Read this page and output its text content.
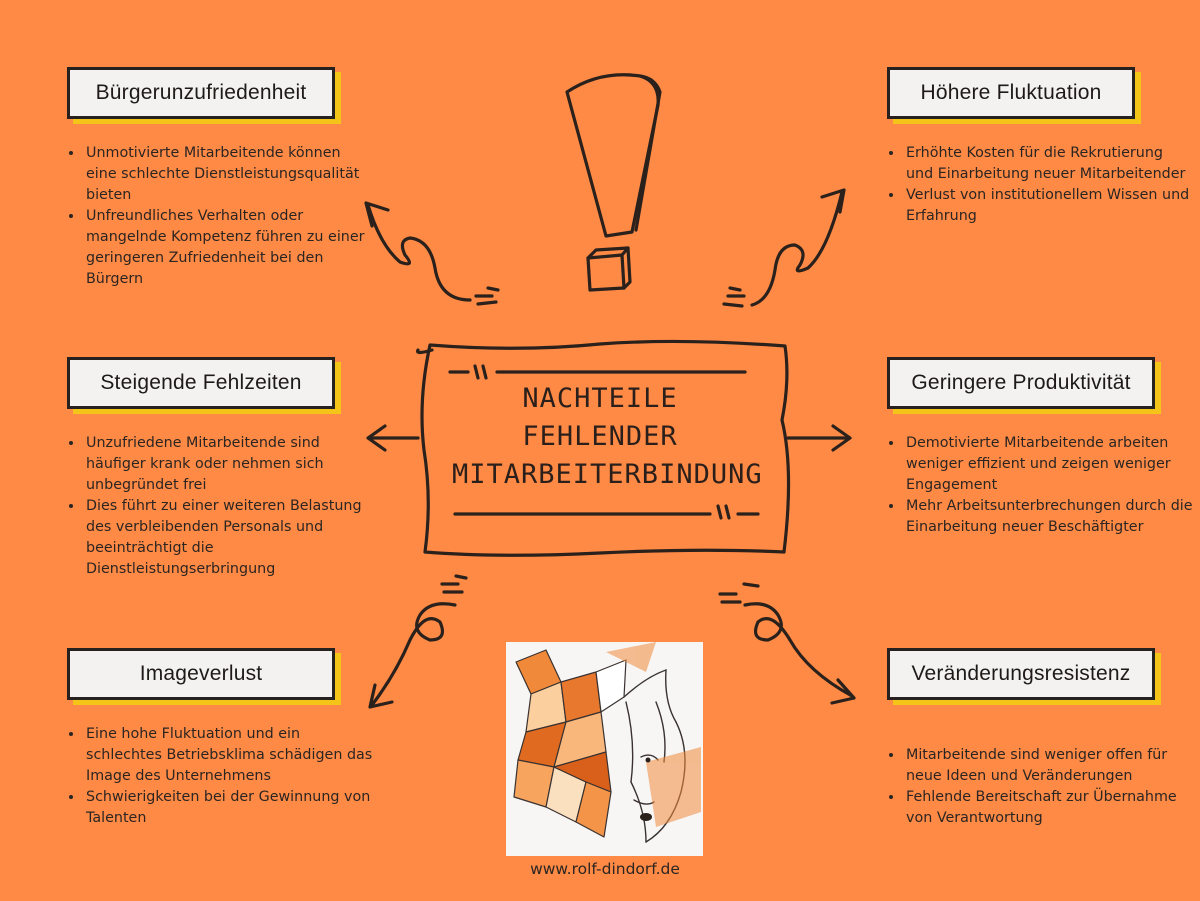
Bürgerunzufriedenheit	Höhere Fluktuation
Steigende Fehlzeiten	Geringere Produktivität
Imageverlust	Veränderungsresistenz
• Unmotivierte Mitarbeitende können eine schlechte Dienstleistungsqualität bieten
• Unfreundliches Verhalten oder mangelnde Kompetenz führen zu einer geringeren Zufriedenheit bei den Bürgern
• Erhöhte Kosten für die Rekrutierung und Einarbeitung neuer Mitarbeitender
• Verlust von institutionellem Wissen und Erfahrung
• Unzufriedene Mitarbeitende sind häufiger krank oder nehmen sich unbegründet frei
• Dies führt zu einer weiteren Belastung des verbleibenden Personals und beeinträchtigt die Dienstleistungserbringung
• Demotivierte Mitarbeitende arbeiten weniger effizient und zeigen weniger Engagement
• Mehr Arbeitsunterbrechungen durch die Einarbeitung neuer Beschäftigter
• Eine hohe Fluktuation und ein schlechtes Betriebsklima schädigen das Image des Unternehmens
• Schwierigkeiten bei der Gewinnung von Talenten
• Mitarbeitende sind weniger offen für neue Ideen und Veränderungen
• Fehlende Bereitschaft zur Übernahme von Verantwortung
NACHTEILE
FEHLENDER
MITARBEITERBINDUNG
www.rolf-dindorf.de
